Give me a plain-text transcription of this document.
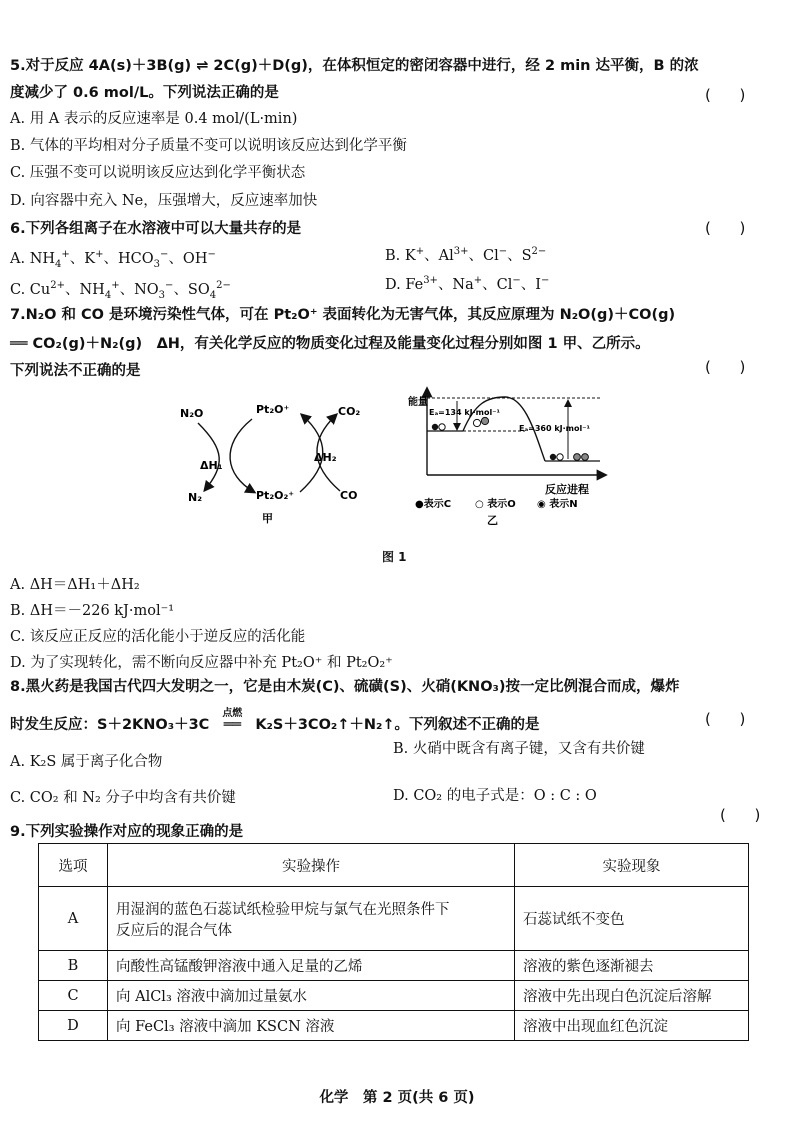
5.对于反应 4A(s)＋3B(g) ⇌ 2C(g)＋D(g)，在体积恒定的密闭容器中进行，经 2 min 达平衡，B 的浓
度减少了 0.6 mol/L。下列说法正确的是	(      )
A. 用 A 表示的反应速率是 0.4 mol/(L·min)
B. 气体的平均相对分子质量不变可以说明该反应达到化学平衡
C. 压强不变可以说明该反应达到化学平衡状态
D. 向容器中充入 Ne，压强增大，反应速率加快
6.下列各组离子在水溶液中可以大量共存的是	(      )
A. $NH_4^+$、K+、$HCO_3^-$、OH−	B. K+、$Al^{3+}$、Cl−、$S^{2-}$
C. $Cu^{2+}$、$NH_4^+$、$NO_3^-$、$SO_4^{2-}$	D. $Fe^{3+}$、Na+、Cl−、I−
7.N₂O 和 CO 是环境污染性气体，可在 Pt₂O⁺ 表面转化为无害气体，其反应原理为 N₂O(g)＋CO(g)
══ CO₂(g)＋N₂(g)　ΔH，有关化学反应的物质变化过程及能量变化过程分别如图 1 甲、乙所示。
下列说法不正确的是	(      )
N₂O	Pt₂O⁺	CO₂
N₂	Pt₂O₂⁺	CO
ΔH₁
ΔH₂
甲
能量
Eₐ=134 kJ·mol⁻¹
Eₐ=360 kJ·mol⁻¹
反应进程
●表示C ○ 表示O ◉ 表示N
乙
图 1
A. ΔH＝ΔH₁＋ΔH₂
B. ΔH＝－226 kJ·mol⁻¹
C. 该反应正反应的活化能小于逆反应的活化能
D. 为了实现转化，需不断向反应器中补充 Pt₂O⁺ 和 Pt₂O₂⁺
8.黑火药是我国古代四大发明之一，它是由木炭(C)、硫磺(S)、火硝(KNO₃)按一定比例混合而成，爆炸
时发生反应：S＋2KNO₃＋3C
点燃
══ K₂S＋3CO₂↑＋N₂↑。下列叙述不正确的是	(      )
A. K₂S 属于离子化合物
B. 火硝中既含有离子键，又含有共价键
C. CO₂ 和 N₂ 分子中均含有共价键	D. CO₂ 的电子式是：O : C : O
9.下列实验操作对应的现象正确的是
(      )
选项	实验操作	实验现象
A	用湿润的蓝色石蕊试纸检验甲烷与氯气在光照条件下
反应后的混合气体	石蕊试纸不变色
B	向酸性高锰酸钾溶液中通入足量的乙烯	溶液的紫色逐渐褪去
C	向 AlCl₃ 溶液中滴加过量氨水	溶液中先出现白色沉淀后溶解
D	向 FeCl₃ 溶液中滴加 KSCN 溶液	溶液中出现血红色沉淀
化学　第 2 页(共 6 页)
